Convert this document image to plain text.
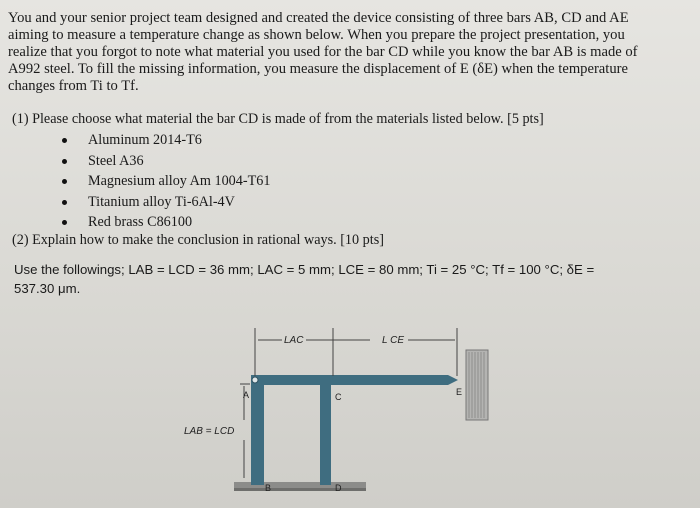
You and your senior project team designed and created the device consisting of three bars AB, CD and AE
aiming to measure a temperature change as shown below. When you prepare the project presentation, you
realize that you forgot to note what material you used for the bar CD while you know the bar AB is made of
A992 steel. To fill the missing information, you measure the displacement of E (δE) when the temperature
changes from Ti to Tf.
(1) Please choose what material the bar CD is made of from the materials listed below. [5 pts]
Aluminum 2014-T6
Steel A36
Magnesium alloy Am 1004-T61
Titanium alloy Ti-6Al-4V
Red brass C86100
(2) Explain how to make the conclusion in rational ways. [10 pts]
Use the followings; LAB = LCD = 36 mm; LAC = 5 mm; LCE = 80 mm; Ti = 25 °C; Tf = 100 °C; δE =
537.30 μm.
LAC	L CE
LAB = LCD
A
B
C
D
E
